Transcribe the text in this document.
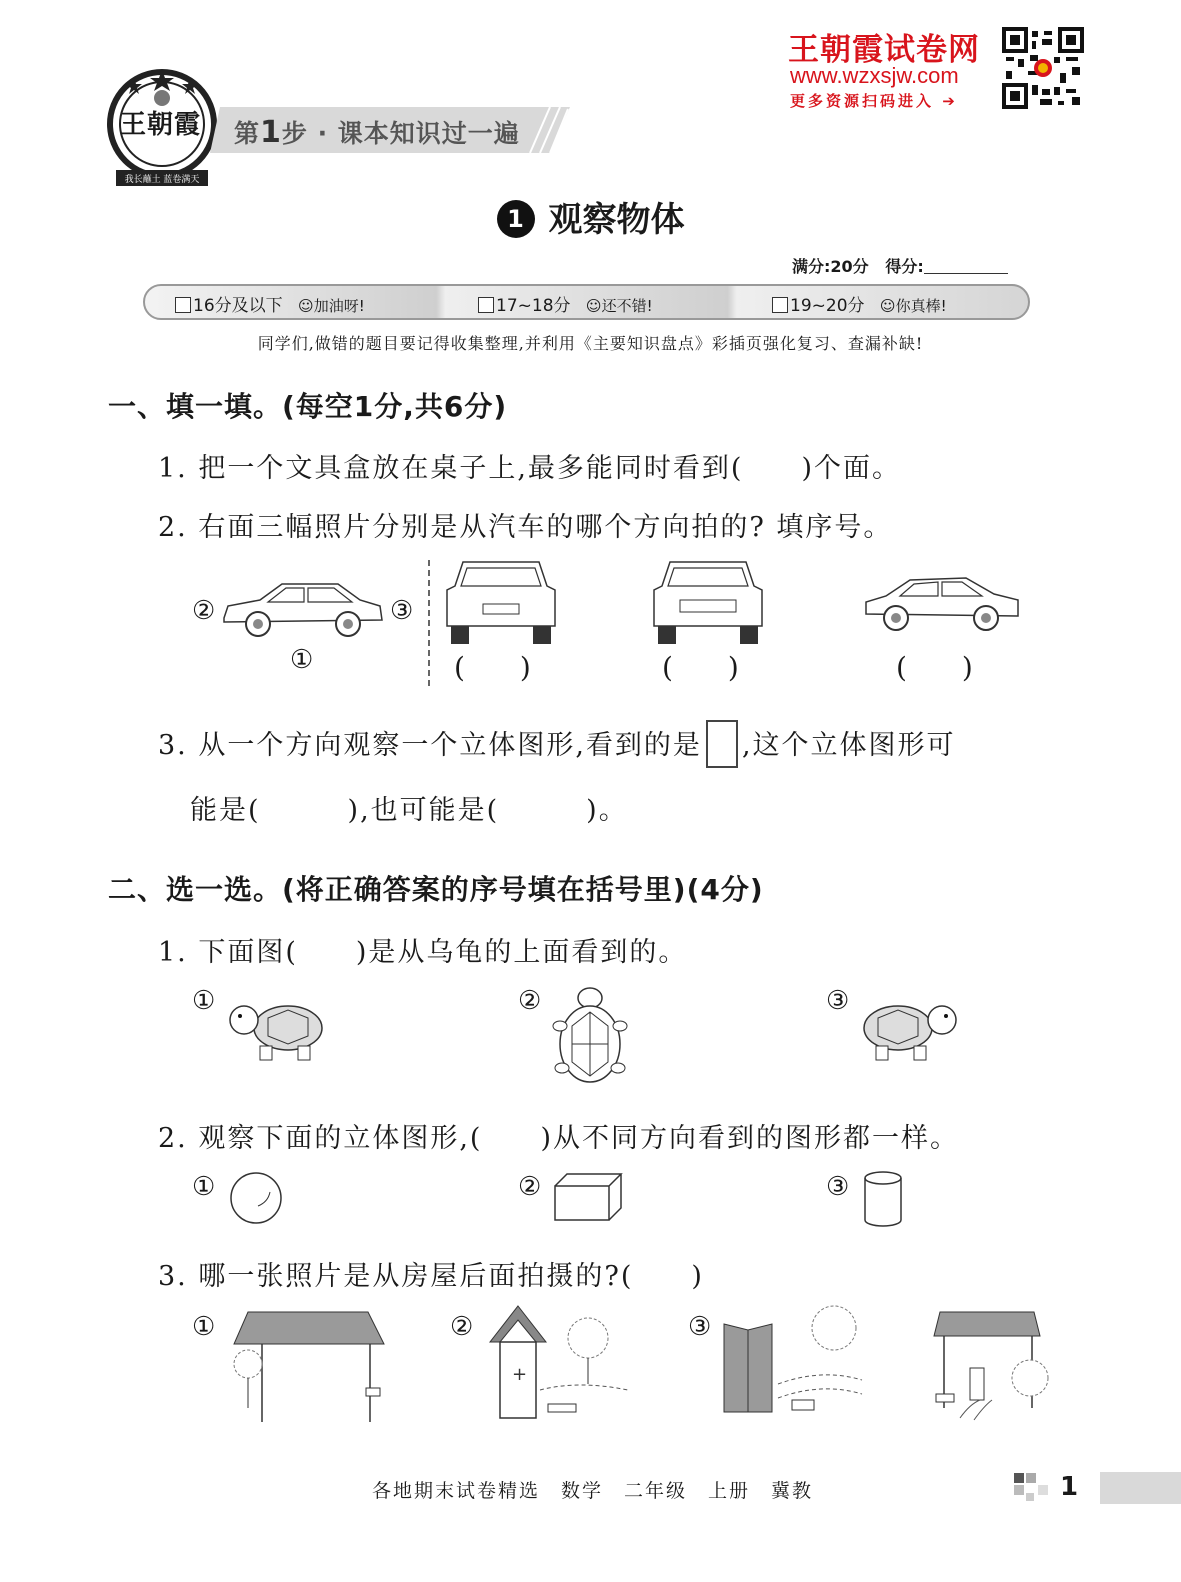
我长蘸土 蓝卷满天
王朝霞 第1步 · 课本知识过一遍
王朝霞试卷网
www.wzxsjw.com
更多资源扫码进入 ➔
1 观察物体
满分:20分 得分:
16分及以下 ☺加油呀!	17~18分 ☺还不错!	19~20分 ☺你真棒!
同学们,做错的题目要记得收集整理,并利用《主要知识盘点》彩插页强化复习、查漏补缺!
一、填一填。(每空1分,共6分)
1. 把一个文具盒放在桌子上,最多能同时看到(　　)个面。
2. 右面三幅照片分别是从汽车的哪个方向拍的? 填序号。
②	③
①	( )	( )	( )
3. 从一个方向观察一个立体图形,看到的是 ,这个立体图形可
能是(　　　),也可能是(　　　)。
二、选一选。(将正确答案的序号填在括号里)(4分)
1. 下面图(　　)是从乌龟的上面看到的。
①	②	③
2. 观察下面的立体图形,(　　)从不同方向看到的图形都一样。
①	②	③
3. 哪一张照片是从房屋后面拍摄的?(　　)
①	②	③
+
各地期末试卷精选　数学　二年级　上册　冀教	1
